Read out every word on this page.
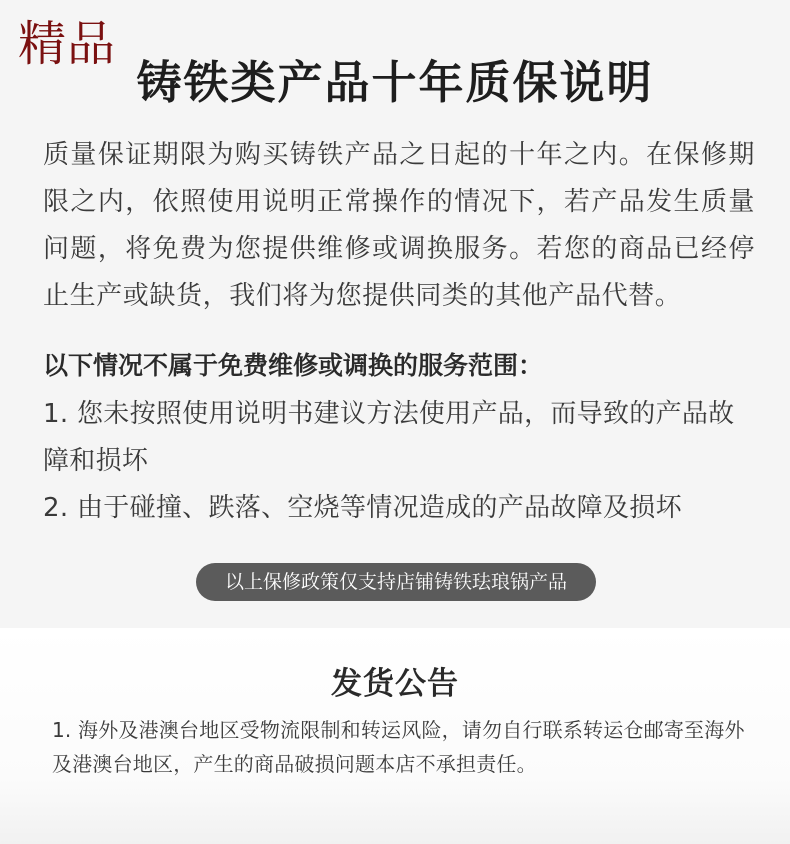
精品
铸铁类产品十年质保说明

质量保证期限为购买铸铁产品之日起的十年之内。在保修期限之内，依照使用说明正常操作的情况下，若产品发生质量问题，将免费为您提供维修或调换服务。若您的商品已经停止生产或缺货，我们将为您提供同类的其他产品代替。

以下情况不属于免费维修或调换的服务范围：
1. 您未按照使用说明书建议方法使用产品，而导致的产品故障和损坏
2. 由于碰撞、跌落、空烧等情况造成的产品故障及损坏
以上保修政策仅支持店铺铸铁珐琅锅产品
发货公告

1. 海外及港澳台地区受物流限制和转运风险，请勿自行联系转运仓邮寄至海外及港澳台地区，产生的商品破损问题本店不承担责任。
